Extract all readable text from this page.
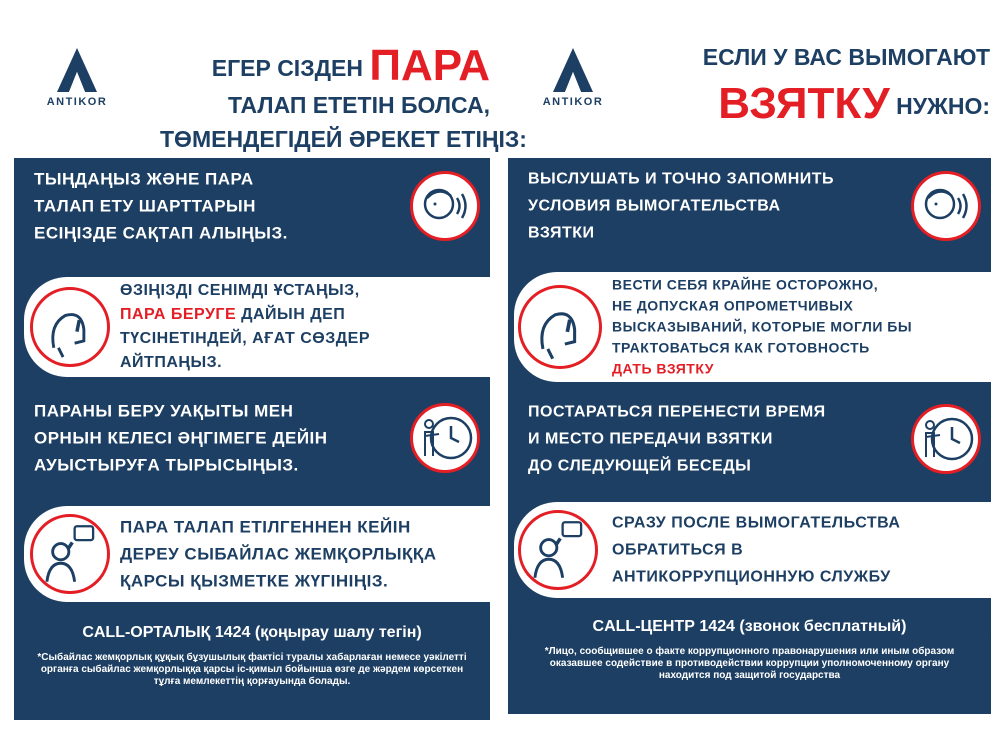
ANTIKOR
ЕГЕР СІЗДЕН ПАРА
ТАЛАП ЕТЕТІН БОЛСА,
ТӨМЕНДЕГІДЕЙ ӘРЕКЕТ ЕТІҢІЗ:
ТЫҢДАҢЫЗ ЖӘНЕ ПАРА
ТАЛАП ЕТУ ШАРТТАРЫН
ЕСІҢІЗДЕ САҚТАП АЛЫҢЫЗ.
ӨЗІҢІЗДІ СЕНІМДІ ҰСТАҢЫЗ,
ПАРА БЕРУГЕ ДАЙЫН ДЕП
ТҮСІНЕТІНДЕЙ, АҒАТ СӨЗДЕР
АЙТПАҢЫЗ.
ПАРАНЫ БЕРУ УАҚЫТЫ МЕН
ОРНЫН КЕЛЕСІ ӘҢГІМЕГЕ ДЕЙІН
АУЫСТЫРУҒА ТЫРЫСЫҢЫЗ.
ПАРА ТАЛАП ЕТІЛГЕННЕН КЕЙІН
ДЕРЕУ СЫБАЙЛАС ЖЕМҚОРЛЫҚҚА
ҚАРСЫ ҚЫЗМЕТКЕ ЖҮГІНІҢІЗ.
CALL-ОРТАЛЫҚ 1424 (қоңырау шалу тегін)
*Сыбайлас жемқорлық құқық бұзушылық фактісі туралы хабарлаған немесе уәкілетті органға сыбайлас жемқорлыққа қарсы іс-қимыл бойынша өзге де жәрдем көрсеткен тұлға мемлекеттің қорғауында болады.
ANTIKOR
ЕСЛИ У ВАС ВЫМОГАЮТ
ВЗЯТКУ НУЖНО:
ВЫСЛУШАТЬ И ТОЧНО ЗАПОМНИТЬ
УСЛОВИЯ ВЫМОГАТЕЛЬСТВА
ВЗЯТКИ
ВЕСТИ СЕБЯ КРАЙНЕ ОСТОРОЖНО,
НЕ ДОПУСКАЯ ОПРОМЕТЧИВЫХ
ВЫСКАЗЫВАНИЙ, КОТОРЫЕ МОГЛИ БЫ
ТРАКТОВАТЬСЯ КАК ГОТОВНОСТЬ
ДАТЬ ВЗЯТКУ
ПОСТАРАТЬСЯ ПЕРЕНЕСТИ ВРЕМЯ
И МЕСТО ПЕРЕДАЧИ ВЗЯТКИ
ДО СЛЕДУЮЩЕЙ БЕСЕДЫ
СРАЗУ ПОСЛЕ ВЫМОГАТЕЛЬСТВА
ОБРАТИТЬСЯ В
АНТИКОРРУПЦИОННУЮ СЛУЖБУ
CALL-ЦЕНТР 1424 (звонок бесплатный)
*Лицо, сообщившее о факте коррупционного правонарушения или иным образом оказавшее содействие в противодействии коррупции уполномоченному органу находится под защитой государства
